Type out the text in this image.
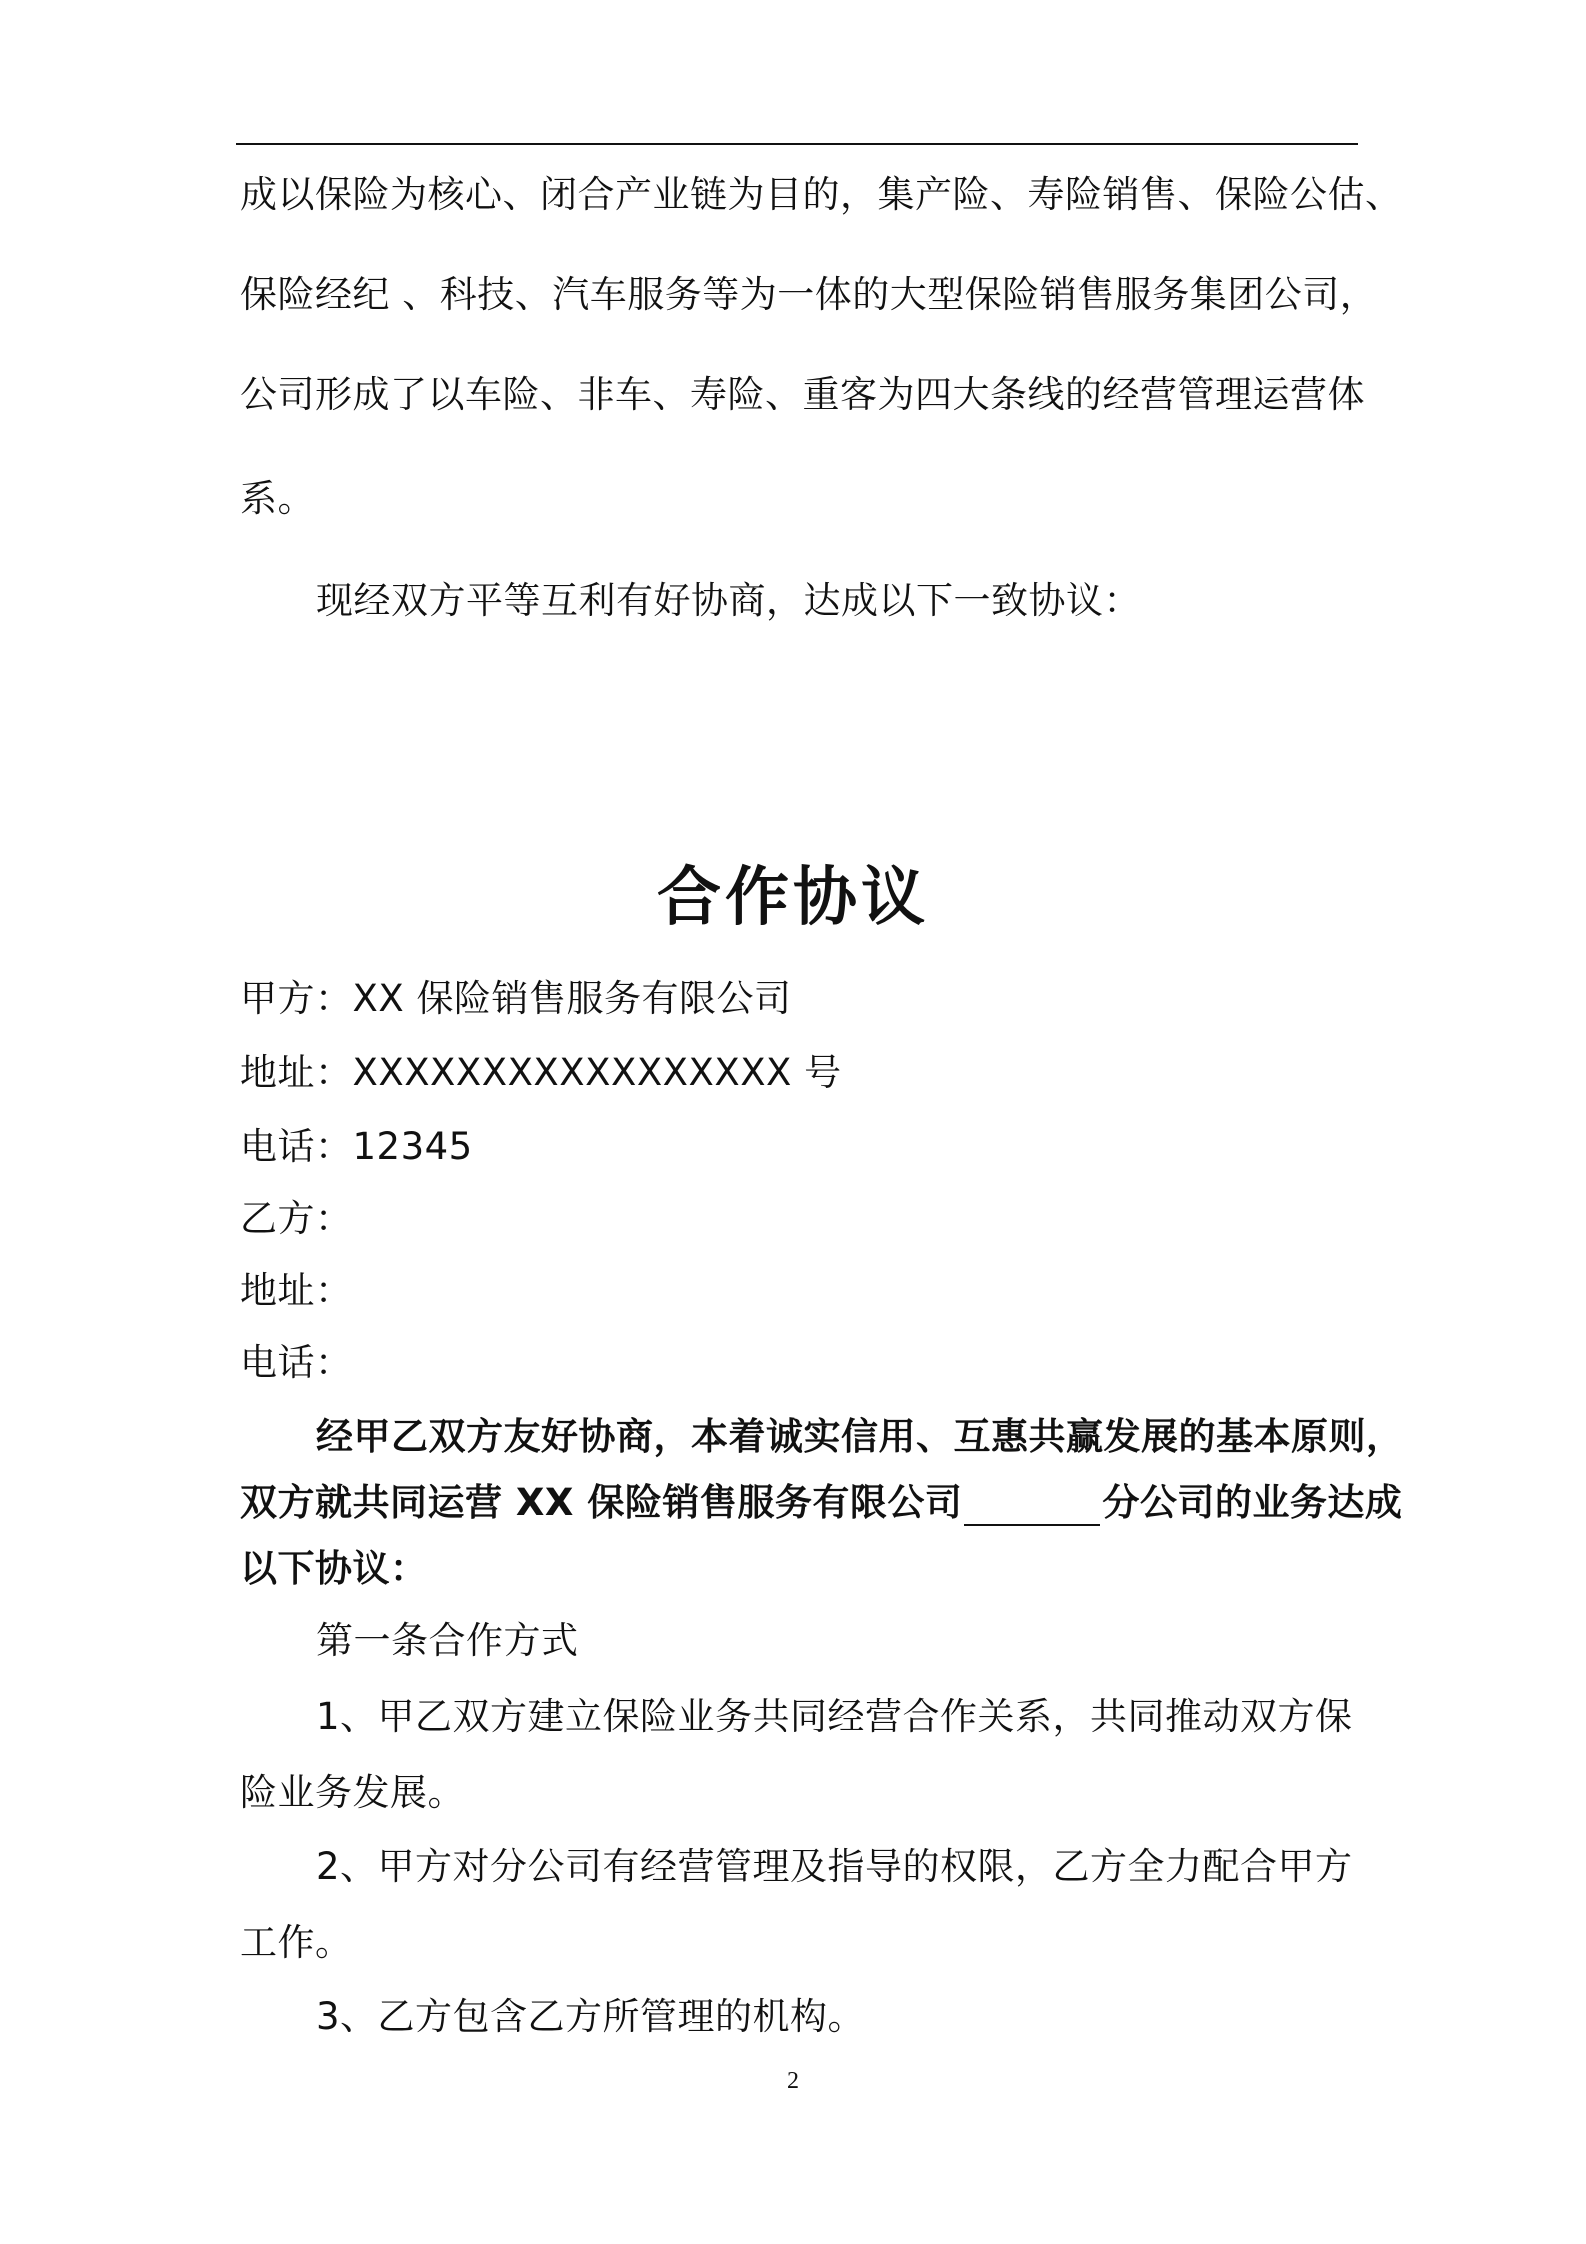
成以保险为核心、闭合产业链为目的，集产险、寿险销售、保险公估、

保险经纪 、科技、汽车服务等为一体的大型保险销售服务集团公司，

公司形成了以车险、非车、寿险、重客为四大条线的经营管理运营体

系。

现经双方平等互利有好协商，达成以下一致协议：

合作协议

甲方：XX 保险销售服务有限公司

地址：XXXXXXXXXXXXXXXXX 号

电话：12345

乙方：

地址：

电话：

经甲乙双方友好协商，本着诚实信用、互惠共赢发展的基本原则，

双方就共同运营 XX 保险销售服务有限公司	分公司的业务达成

以下协议：

第一条合作方式

1、甲乙双方建立保险业务共同经营合作关系，共同推动双方保

险业务发展。

2、甲方对分公司有经营管理及指导的权限，乙方全力配合甲方

工作。

3、乙方包含乙方所管理的机构。

2
